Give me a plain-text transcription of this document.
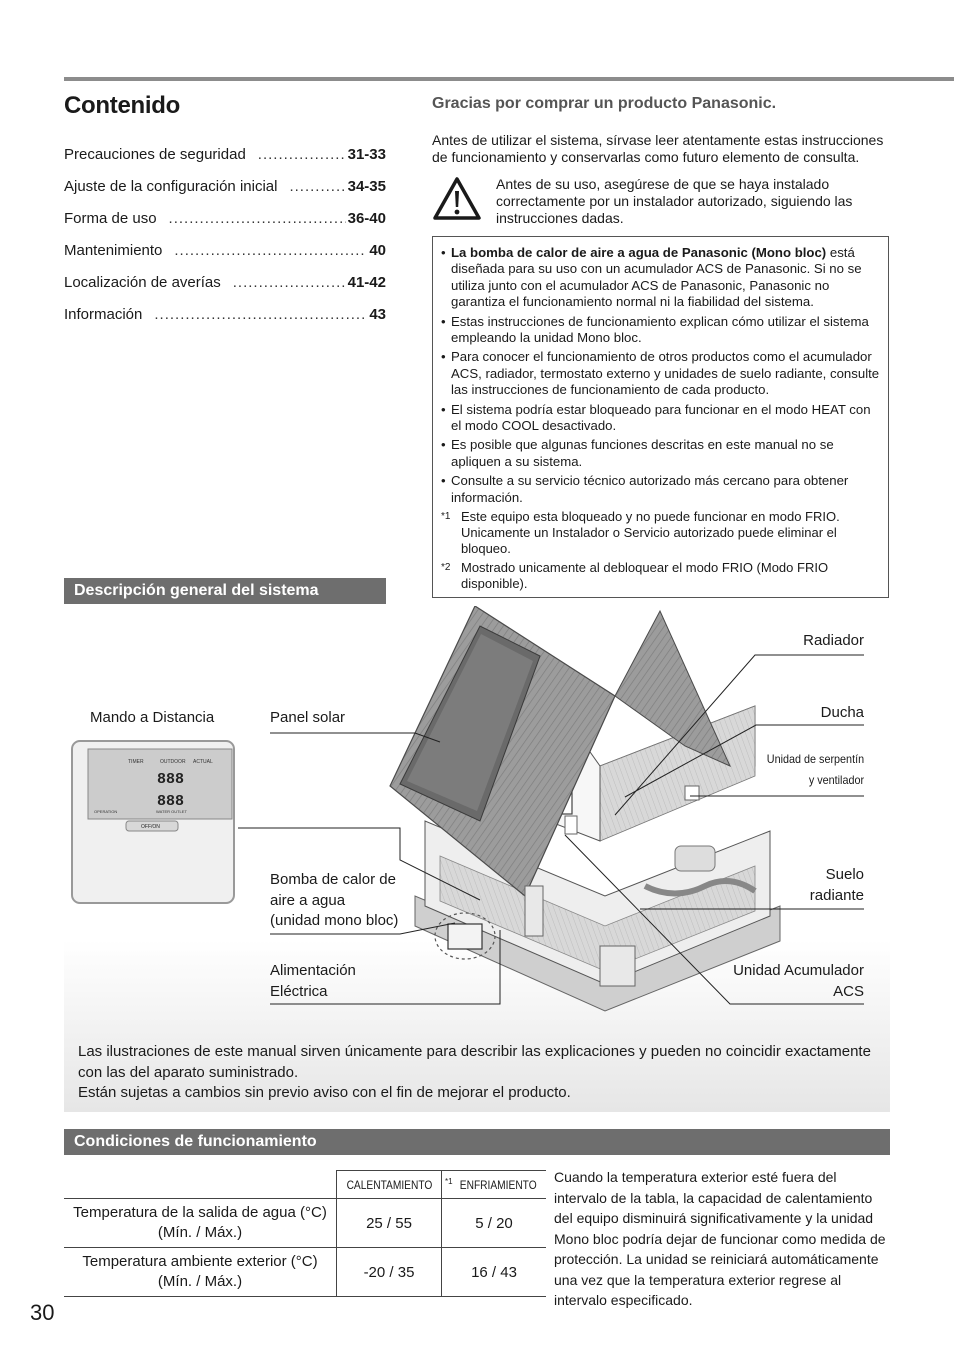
Contenido
Precauciones de seguridad .....	31-33
Ajuste de la configuración inicial .....	34-35
Forma de uso .....	36-40
Mantenimiento .....	40
Localización de averías .....	41-42
Información .....	43
Gracias por comprar un producto Panasonic.
Antes de utilizar el sistema, sírvase leer atentamente estas instrucciones de funcionamiento y conservarlas como futuro elemento de consulta.
Antes de su uso, asegúrese de que se haya instalado correctamente por un instalador autorizado, siguiendo las instrucciones dadas.
• La bomba de calor de aire a agua de Panasonic (Mono bloc) está diseñada para su uso con un acumulador ACS de Panasonic. Si no se utiliza junto con el acumulador ACS de Panasonic, Panasonic no garantiza el funcionamiento normal ni la fiabilidad del sistema.
• Estas instrucciones de funcionamiento explican cómo utilizar el sistema empleando la unidad Mono bloc.
• Para conocer el funcionamiento de otros productos como el acumulador ACS, radiador, termostato externo y unidades de suelo radiante, consulte las instrucciones de funcionamiento de cada producto.
• El sistema podría estar bloqueado para funcionar en el modo HEAT con el modo COOL desactivado.
• Es posible que algunas funciones descritas en este manual no se apliquen a su sistema.
• Consulte a su servicio técnico autorizado más cercano para obtener información.
*1 Este equipo esta bloqueado y no puede funcionar en modo FRIO. Unicamente un Instalador o Servicio autorizado puede eliminar el bloqueo.
*2 Mostrado unicamente al debloquear el modo FRIO (Modo FRIO disponible).
Descripción general del sistema
TIMER	OUTDOOR ACTUAL
888
888
OPERATION	WATER OUTLET
OFF/ON
Mando a Distancia	Panel solar
Bomba de calor de
aire a agua
(unidad mono bloc)
Alimentación
Eléctrica
Radiador
Ducha
Unidad de serpentín
y ventilador
Suelo
radiante
Unidad Acumulador
ACS
Las ilustraciones de este manual sirven únicamente para describir las explicaciones y pueden no coincidir exactamente con las del aparato suministrado.
Están sujetas a cambios sin previo aviso con el fin de mejorar el producto.
Condiciones de funcionamiento
	CALENTAMIENTO	$^{*1}$ ENFRIAMIENTO

Temperatura de la salida de agua (°C)
(Mín. / Máx.)	25 / 55	5 / 20

Temperatura ambiente exterior (°C)
(Mín. / Máx.)	-20 / 35	16 / 43
Cuando la temperatura exterior esté fuera del intervalo de la tabla, la capacidad de calentamiento del equipo disminuirá significativamente y la unidad Mono bloc podría dejar de funcionar como medida de protección. La unidad se reiniciará automáticamente una vez que la temperatura exterior regrese al intervalo especificado.
30
